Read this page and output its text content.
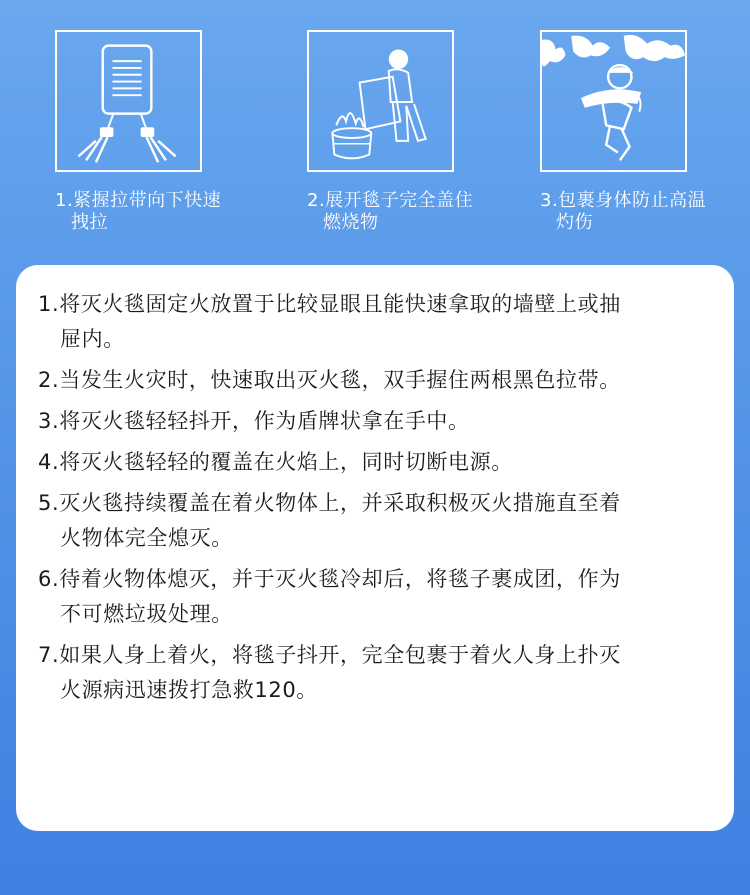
1.紧握拉带向下快速
拽拉
2.展开毯子完全盖住
燃烧物
3.包裹身体防止高温
灼伤

1.将灭火毯固定火放置于比较显眼且能快速拿取的墙壁上或抽
屉内。

2.当发生火灾时，快速取出灭火毯，双手握住两根黑色拉带。

3.将灭火毯轻轻抖开，作为盾牌状拿在手中。

4.将灭火毯轻轻的覆盖在火焰上，同时切断电源。

5.灭火毯持续覆盖在着火物体上，并采取积极灭火措施直至着
火物体完全熄灭。

6.待着火物体熄灭，并于灭火毯冷却后，将毯子裹成团，作为
不可燃垃圾处理。

7.如果人身上着火，将毯子抖开，完全包裹于着火人身上扑灭
火源病迅速拨打急救120。
